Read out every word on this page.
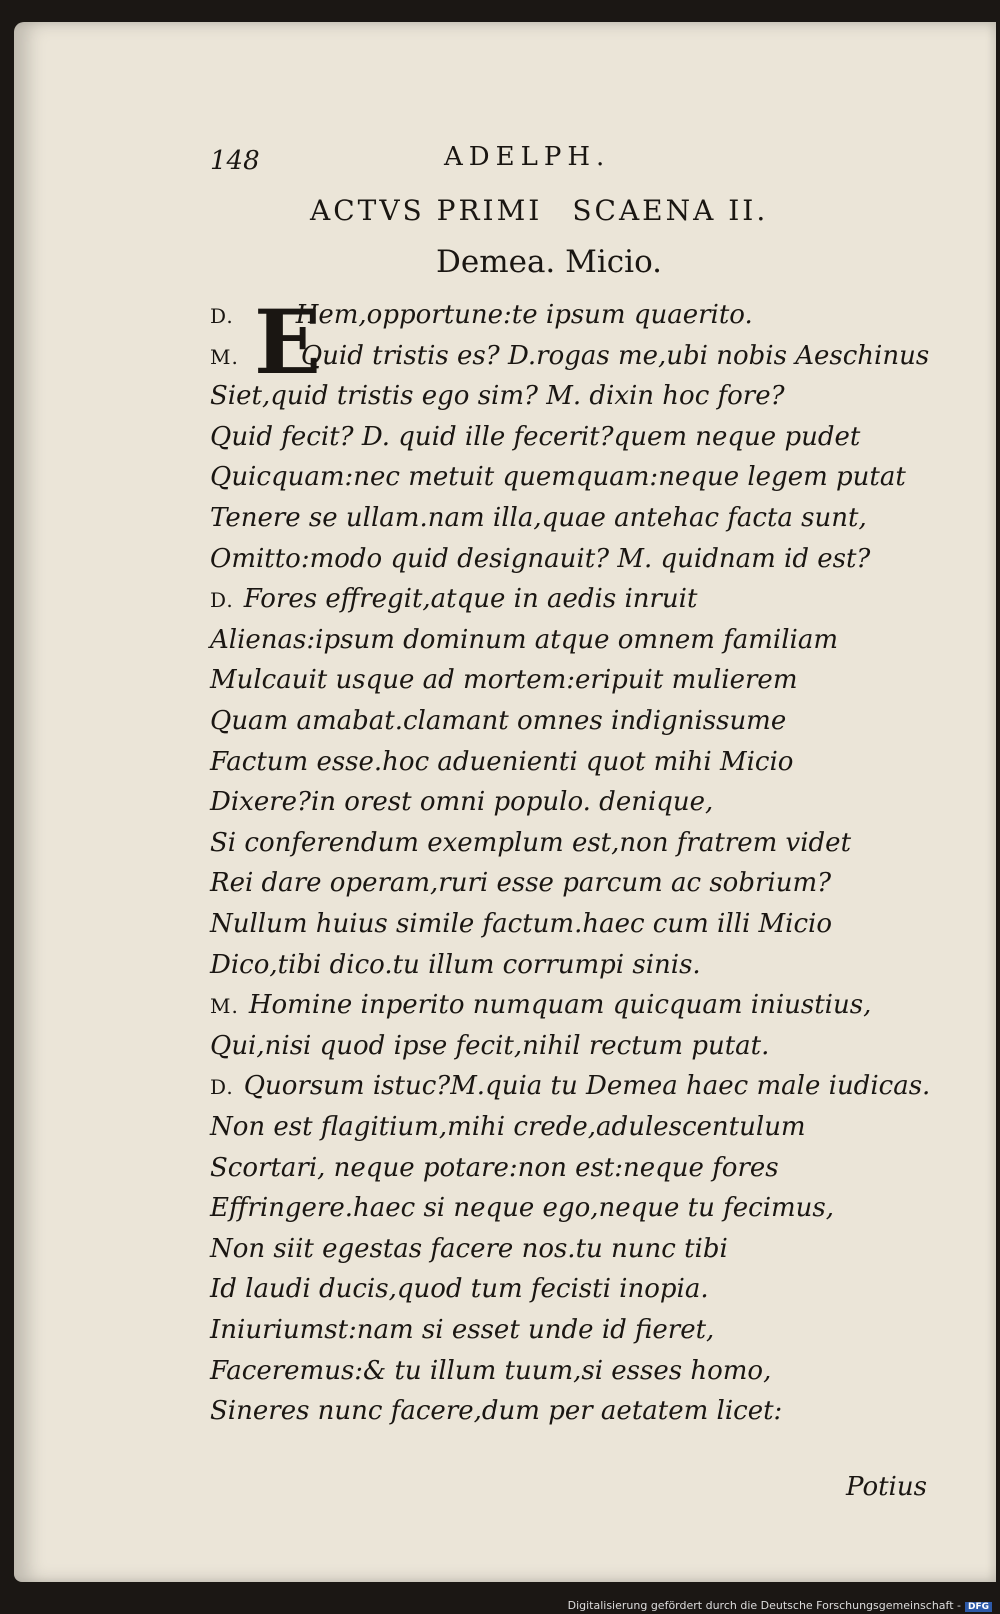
148	ADELPH.
ACTVS PRIMI SCAENA II.
Demea. Micio.
E
D. Hem,opportune:te ipsum quaerito.
M. Quid tristis es? D.rogas me,ubi nobis Aeschinus
Siet,quid tristis ego sim? M. dixin hoc fore?
Quid fecit? D. quid ille fecerit?quem neque pudet
Quicquam:nec metuit quemquam:neque legem putat
Tenere se ullam.nam illa,quae antehac facta sunt,
Omitto:modo quid designauit? M. quidnam id est?
D. Fores effregit,atque in aedis inruit
Alienas:ipsum dominum atque omnem familiam
Mulcauit usque ad mortem:eripuit mulierem
Quam amabat.clamant omnes indignissume
Factum esse.hoc aduenienti quot mihi Micio
Dixere?in orest omni populo. denique,
Si conferendum exemplum est,non fratrem videt
Rei dare operam,ruri esse parcum ac sobrium?
Nullum huius simile factum.haec cum illi Micio
Dico,tibi dico.tu illum corrumpi sinis.
M. Homine inperito numquam quicquam iniustius,
Qui,nisi quod ipse fecit,nihil rectum putat.
D. Quorsum istuc?M.quia tu Demea haec male iudicas.
Non est flagitium,mihi crede,adulescentulum
Scortari, neque potare:non est:neque fores
Effringere.haec si neque ego,neque tu fecimus,
Non siit egestas facere nos.tu nunc tibi
Id laudi ducis,quod tum fecisti inopia.
Iniuriumst:nam si esset unde id fieret,
Faceremus:& tu illum tuum,si esses homo,
Sineres nunc facere,dum per aetatem licet:
Potius
Digitalisierung gefördert durch die Deutsche Forschungsgemeinschaft - DFG
